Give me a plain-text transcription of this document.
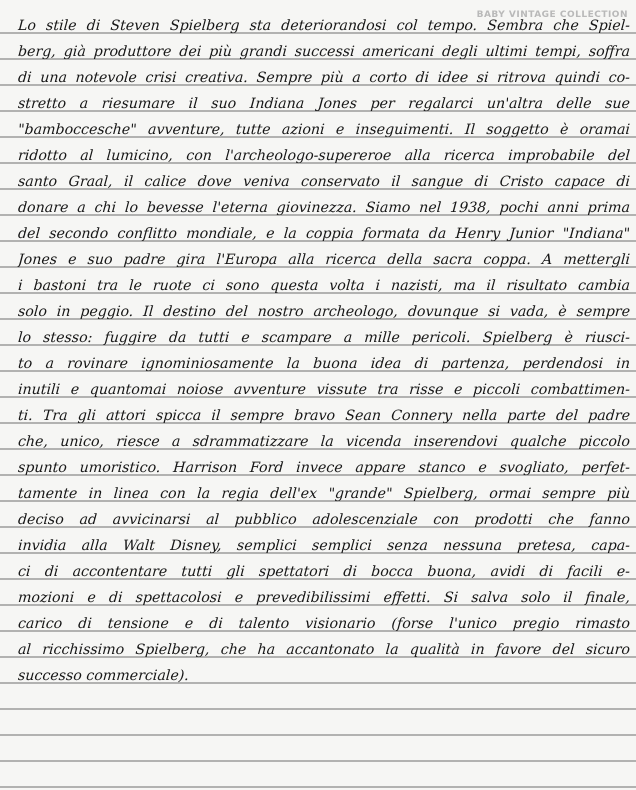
BABY VINTAGE COLLECTION
Lo stile di Steven Spielberg sta deteriorandosi col tempo. Sembra che Spiel-
berg, già produttore dei più grandi successi americani degli ultimi tempi, soffra
di una notevole crisi creativa. Sempre più a corto di idee si ritrova quindi co-
stretto a riesumare il suo Indiana Jones per regalarci un'altra delle sue
"bamboccesche" avventure, tutte azioni e inseguimenti. Il soggetto è oramai
ridotto al lumicino, con l'archeologo-supereroe alla ricerca improbabile del
santo Graal, il calice dove veniva conservato il sangue di Cristo capace di
donare a chi lo bevesse l'eterna giovinezza. Siamo nel 1938, pochi anni prima
del secondo conflitto mondiale, e la coppia formata da Henry Junior "Indiana"
Jones e suo padre gira l'Europa alla ricerca della sacra coppa. A mettergli
i bastoni tra le ruote ci sono questa volta i nazisti, ma il risultato cambia
solo in peggio. Il destino del nostro archeologo, dovunque si vada, è sempre
lo stesso: fuggire da tutti e scampare a mille pericoli. Spielberg è riusci-
to a rovinare ignominiosamente la buona idea di partenza, perdendosi in
inutili e quantomai noiose avventure vissute tra risse e piccoli combattimen-
ti. Tra gli attori spicca il sempre bravo Sean Connery nella parte del padre
che, unico, riesce a sdrammatizzare la vicenda inserendovi qualche piccolo
spunto umoristico. Harrison Ford invece appare stanco e svogliato, perfet-
tamente in linea con la regia dell'ex "grande" Spielberg, ormai sempre più
deciso ad avvicinarsi al pubblico adolescenziale con prodotti che fanno
invidia alla Walt Disney, semplici semplici senza nessuna pretesa, capa-
ci di accontentare tutti gli spettatori di bocca buona, avidi di facili e-
mozioni e di spettacolosi e prevedibilissimi effetti. Si salva solo il finale,
carico di tensione e di talento visionario (forse l'unico pregio rimasto
al ricchissimo Spielberg, che ha accantonato la qualità in favore del sicuro
successo commerciale).
